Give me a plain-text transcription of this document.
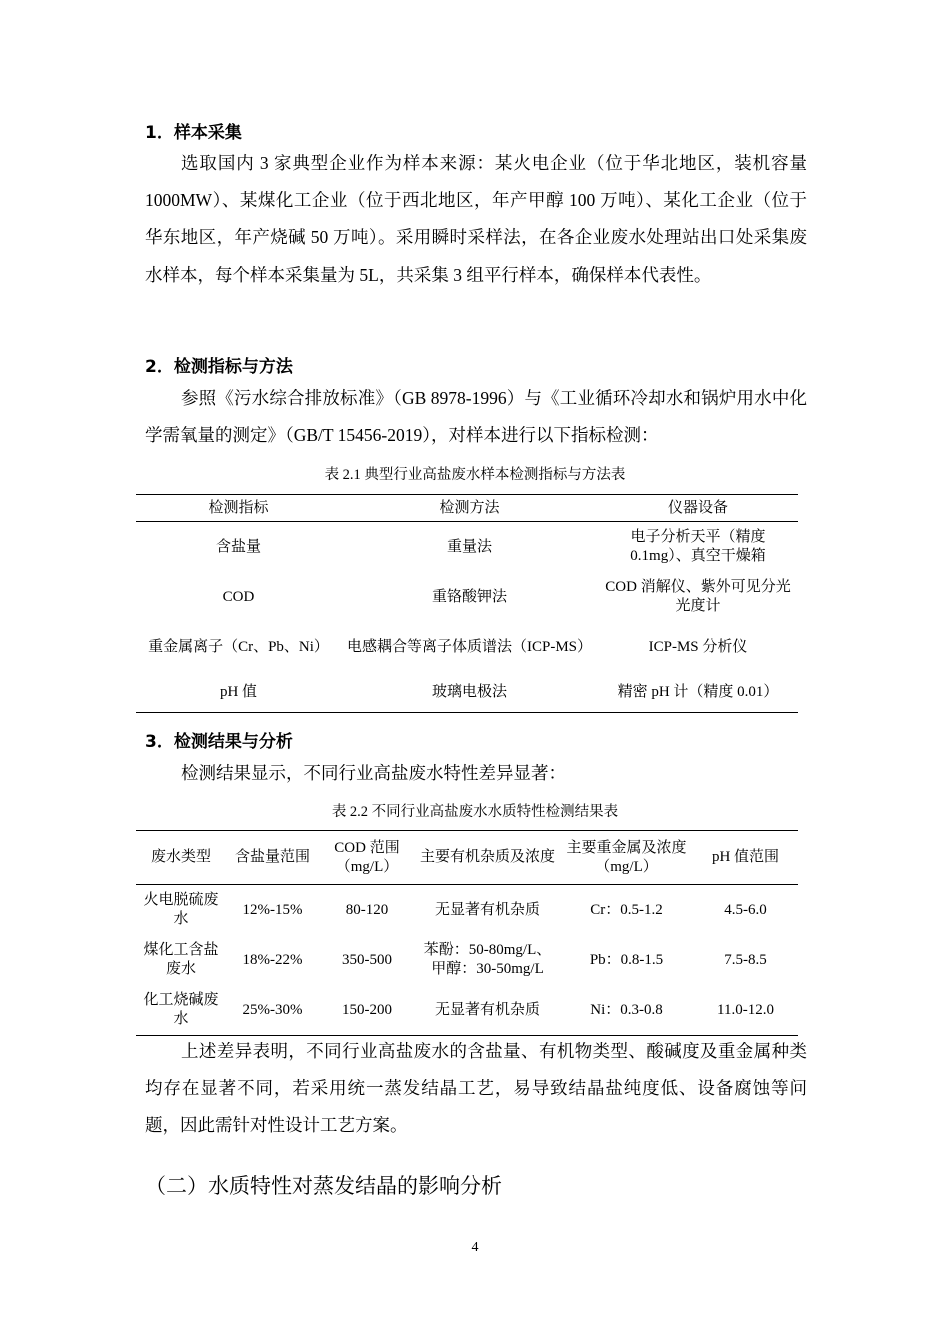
1．样本采集

选取国内 3 家典型企业作为样本来源：某火电企业（位于华北地区，装机容量 1000MW）、某煤化工企业（位于西北地区，年产甲醇 100 万吨）、某化工企业（位于华东地区，年产烧碱 50 万吨）。采用瞬时采样法，在各企业废水处理站出口处采集废水样本，每个样本采集量为 5L，共采集 3 组平行样本，确保样本代表性。

2．检测指标与方法

参照《污水综合排放标准》（GB 8978-1996）与《工业循环冷却水和锅炉用水中化学需氧量的测定》（GB/T 15456-2019），对样本进行以下指标检测：

表 2.1 典型行业高盐废水样本检测指标与方法表
检测指标	检测方法	仪器设备
含盐量	重量法	电子分析天平（精度 0.1mg）、真空干燥箱
COD	重铬酸钾法	COD 消解仪、紫外可见分光光度计
重金属离子（Cr、Pb、Ni）	电感耦合等离子体质谱法（ICP-MS）	ICP-MS 分析仪
pH 值	玻璃电极法	精密 pH 计（精度 0.01）
3．检测结果与分析

检测结果显示，不同行业高盐废水特性差异显著：

表 2.2 不同行业高盐废水水质特性检测结果表
废水类型	含盐量范围	COD 范围（mg/L）	主要有机杂质及浓度	主要重金属及浓度（mg/L）	pH 值范围
火电脱硫废水	12%-15%	80-120	无显著有机杂质	Cr：0.5-1.2	4.5-6.0
煤化工含盐废水	18%-22%	350-500	苯酚：50-80mg/L、甲醇：30-50mg/L	Pb：0.8-1.5	7.5-8.5
化工烧碱废水	25%-30%	150-200	无显著有机杂质	Ni：0.3-0.8	11.0-12.0

上述差异表明，不同行业高盐废水的含盐量、有机物类型、酸碱度及重金属种类均存在显著不同，若采用统一蒸发结晶工艺，易导致结晶盐纯度低、设备腐蚀等问题，因此需针对性设计工艺方案。

（二）水质特性对蒸发结晶的影响分析
4
